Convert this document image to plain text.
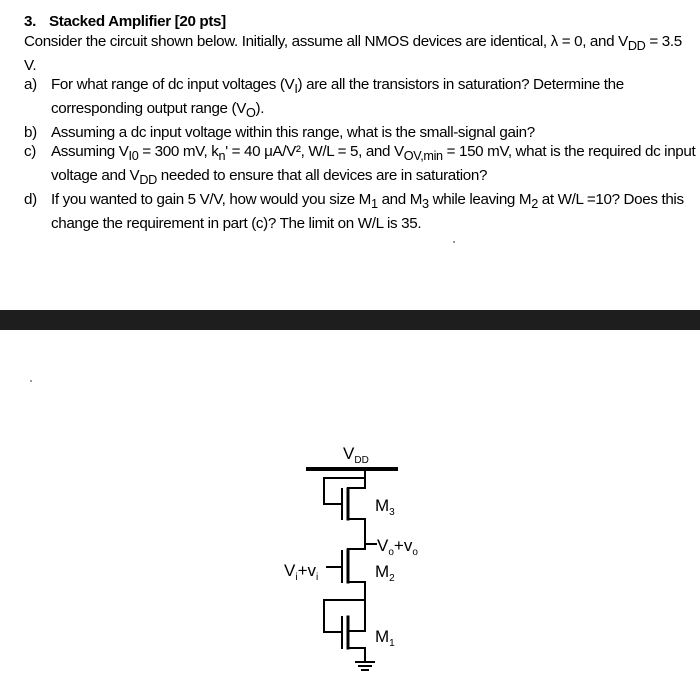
3. Stacked Amplifier [20 pts]
Consider the circuit shown below. Initially, assume all NMOS devices are identical, λ = 0, and $V_{DD} = 3.5$ V.
a) For what range of dc input voltages $(V_I)$ are all the transistors in saturation? Determine the corresponding output range $(V_O)$.
b) Assuming a dc input voltage within this range, what is the small-signal gain?
c) Assuming $V_{I0} = 300$ mV, $k_n' = 40$ μA/V², W/L = 5, and $V_{OV,min} = 150$ mV, what is the required dc input voltage and $V_{DD}$ needed to ensure that all devices are in saturation?
d) If you wanted to gain 5 V/V, how would you size $M_1$ and $M_3$ while leaving $M_2$ at W/L =10? Does this change the requirement in part (c)? The limit on W/L is 35.
$V_{DD}$
$M_3$
$V_o+v_o$
$V_i+v_i$	$M_2$
$M_1$
